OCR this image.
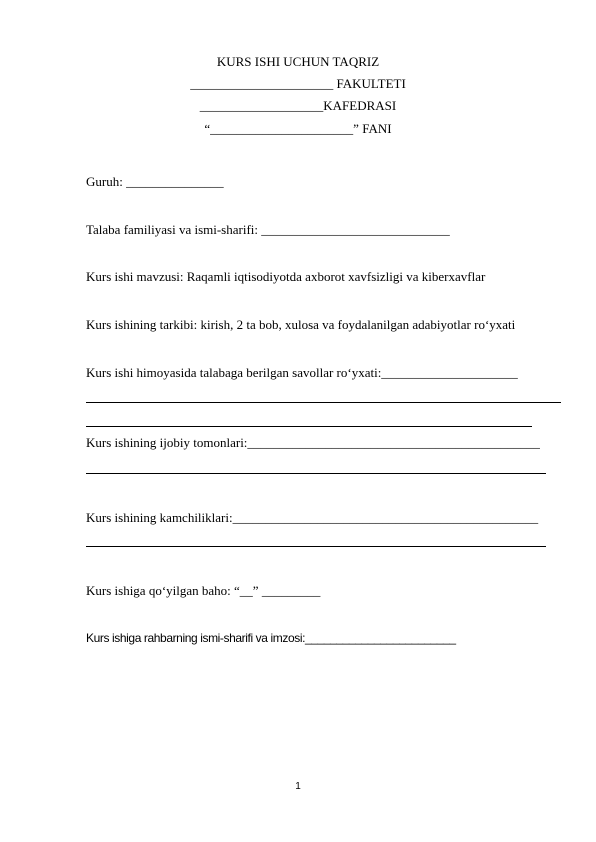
KURS ISHI UCHUN TAQRIZ
______________________ FAKULTETI
___________________KAFEDRASI
“______________________” FANI
Guruh: _______________
Talaba familiyasi va ismi-sharifi: _____________________________
Kurs ishi mavzusi: Raqamli iqtisodiyotda axborot xavfsizligi va kiberxavflar
Kurs ishining tarkibi: kirish, 2 ta bob, xulosa va foydalanilgan adabiyotlar ro‘yxati
Kurs ishi himoyasida talabaga berilgan savollar ro‘yxati:_____________________
Kurs ishining ijobiy tomonlari:_____________________________________________
Kurs ishining kamchiliklari:_______________________________________________
Kurs ishiga qo‘yilgan baho: “__” _________
Kurs ishiga rahbarning ismi-sharifi va imzosi:________________________
1
